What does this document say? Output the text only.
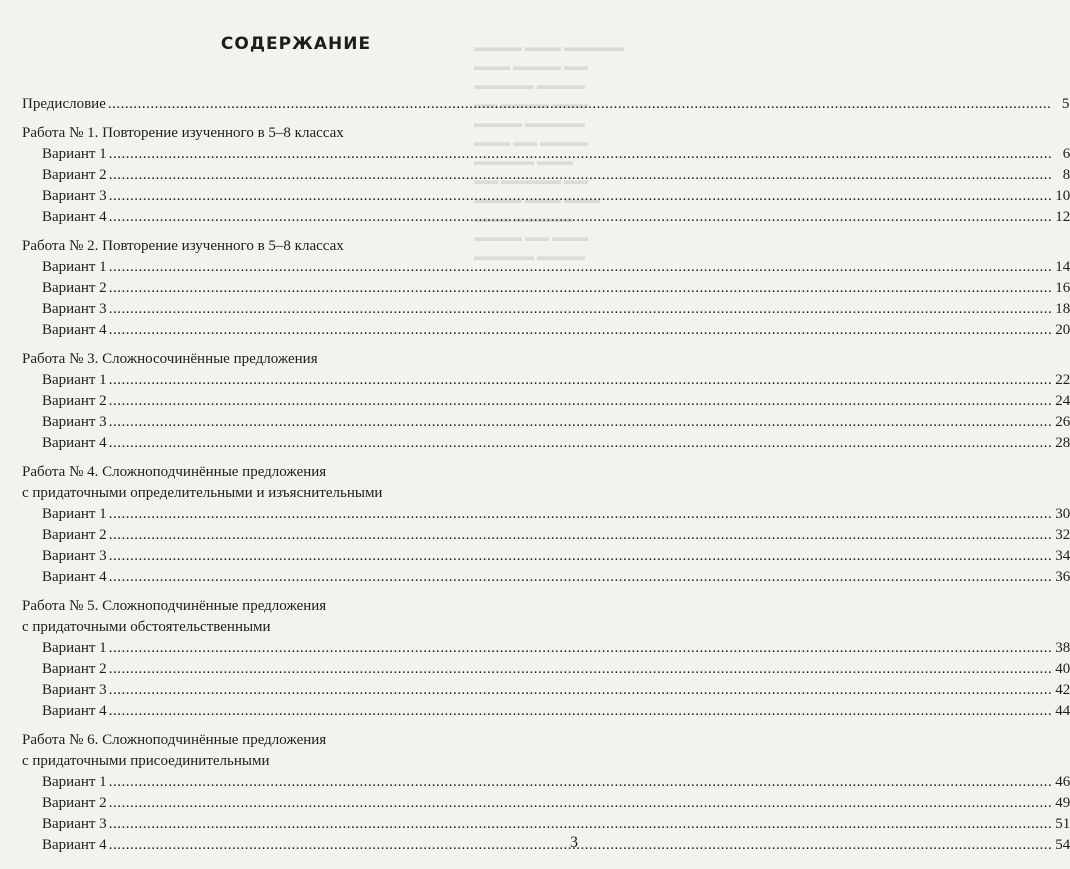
▬▬▬▬ ▬▬▬ ▬▬▬▬▬
▬▬▬ ▬▬▬▬ ▬▬
▬▬▬▬▬ ▬▬▬▬
▬▬ ▬▬▬▬ ▬▬▬
▬▬▬▬ ▬▬▬▬▬
▬▬▬ ▬▬ ▬▬▬▬
▬▬▬▬▬ ▬▬▬
▬▬ ▬▬▬▬▬ ▬▬
▬▬▬▬ ▬▬▬ ▬▬▬
▬▬▬ ▬▬▬▬▬
▬▬▬▬ ▬▬ ▬▬▬
▬▬▬▬▬ ▬▬▬▬
СОДЕРЖАНИЕ
Предисловие .....	5
Работа № 1. Повторение изученного в 5–8 классах
Вариант 1 .....	6
Вариант 2 .....	8
Вариант 3 .....	10
Вариант 4 .....	12
Работа № 2. Повторение изученного в 5–8 классах
Вариант 1 .....	14
Вариант 2 .....	16
Вариант 3 .....	18
Вариант 4 .....	20
Работа № 3. Сложносочинённые предложения
Вариант 1 .....	22
Вариант 2 .....	24
Вариант 3 .....	26
Вариант 4 .....	28
Работа № 4. Сложноподчинённые предложения
с придаточными определительными и изъяснительными
Вариант 1 .....	30
Вариант 2 .....	32
Вариант 3 .....	34
Вариант 4 .....	36
Работа № 5. Сложноподчинённые предложения
с придаточными обстоятельственными
Вариант 1 .....	38
Вариант 2 .....	40
Вариант 3 .....	42
Вариант 4 .....	44
Работа № 6. Сложноподчинённые предложения
с придаточными присоединительными
Вариант 1 .....	46
Вариант 2 .....	49
Вариант 3 .....	51
Вариант 4 .....	54
3
